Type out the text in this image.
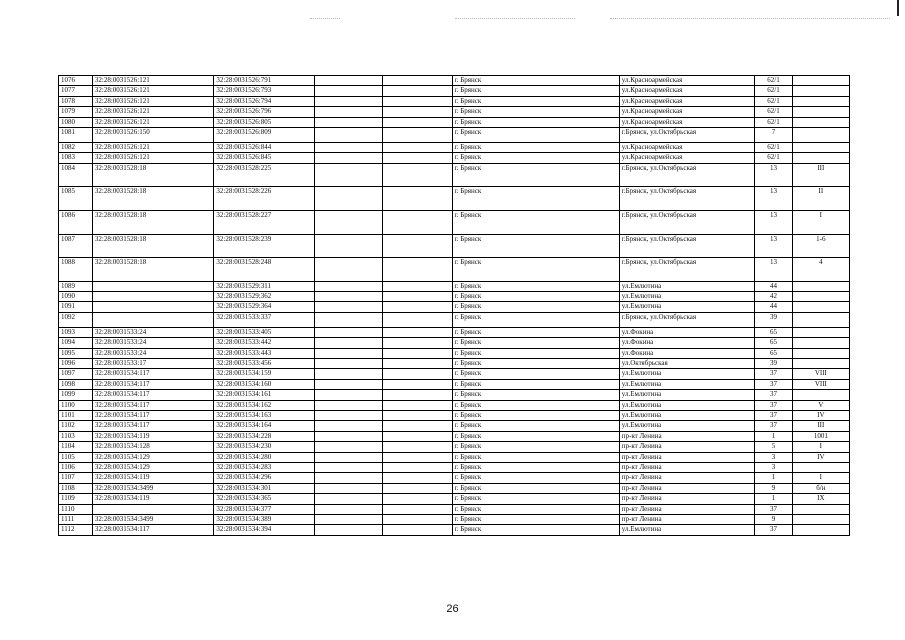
1076	32:28:0031526:121	32:28:0031526:791			г. Брянск	ул.Красноармейская	62/1	
1077	32:28:0031526:121	32:28:0031526:793			г. Брянск	ул.Красноармейская	62/1	
1078	32:28:0031526:121	32:28:0031526:794			г. Брянск	ул.Красноармейская	62/1	
1079	32:28:0031526:121	32:28:0031526:796			г. Брянск	ул.Красноармейская	62/1	
1080	32:28:0031526:121	32:28:0031526:805			г. Брянск	ул.Красноармейская	62/1	
1081	32:28:0031526:150	32:28:0031526:809			г. Брянск	г.Брянск, ул.Октябрьская	7	
1082	32:28:0031526:121	32:28:0031526:844			г. Брянск	ул.Красноармейская	62/1	
1083	32:28:0031526:121	32:28:0031526:845			г. Брянск	ул.Красноармейская	62/1	
1084	32:28:0031528:18	32:28:0031528:225			г. Брянск	г.Брянск, ул.Октябрьская	13	III
1085	32:28:0031528:18	32:28:0031528:226			г. Брянск	г.Брянск, ул.Октябрьская	13	II
1086	32:28:0031528:18	32:28:0031528:227			г. Брянск	г.Брянск, ул.Октябрьская	13	I
1087	32:28:0031528:18	32:28:0031528:239			г. Брянск	г.Брянск, ул.Октябрьская	13	1-6
1088	32:28:0031528:18	32:28:0031528:248			г. Брянск	г.Брянск, ул.Октябрьская	13	4
1089		32:28:0031529:311			г. Брянск	ул.Емлютина	44	
1090		32:28:0031529:362			г. Брянск	ул.Емлютина	42	
1091		32:28:0031529:364			г. Брянск	ул.Емлютина	44	
1092		32:28:0031533:337			г. Брянск	г.Брянск, ул.Октябрьская	39	
1093	32:28:0031533:24	32:28:0031533:405			г. Брянск	ул.Фокина	65	
1094	32:28:0031533:24	32:28:0031533:442			г. Брянск	ул.Фокина	65	
1095	32:28:0031533:24	32:28:0031533:443			г. Брянск	ул.Фокина	65	
1096	32:28:0031533:17	32:28:0031533:456			г. Брянск	ул.Октябрьская	39	
1097	32:28:0031534:117	32:28:0031534:159			г. Брянск	ул.Емлютина	37	VIII
1098	32:28:0031534:117	32:28:0031534:160			г. Брянск	ул.Емлютина	37	VIII
1099	32:28:0031534:117	32:28:0031534:161			г. Брянск	ул.Емлютина	37	
1100	32:28:0031534:117	32:28:0031534:162			г. Брянск	ул.Емлютина	37	V
1101	32:28:0031534:117	32:28:0031534:163			г. Брянск	ул.Емлютина	37	IV
1102	32:28:0031534:117	32:28:0031534:164			г. Брянск	ул.Емлютина	37	III
1103	32:28:0031534:119	32:28:0031534:228			г. Брянск	пр-кт Ленина	1	1001
1104	32:28:0031534:128	32:28:0031534:230			г. Брянск	пр-кт Ленина	5	I
1105	32:28:0031534:129	32:28:0031534:280			г. Брянск	пр-кт Ленина	3	IV
1106	32:28:0031534:129	32:28:0031534:283			г. Брянск	пр-кт Ленина	3	
1107	32:28:0031534:119	32:28:0031534:296			г. Брянск	пр-кт Ленина	1	I
1108	32:28:0031534:3499	32:28:0031534:301			г. Брянск	пр-кт Ленина	9	б/н
1109	32:28:0031534:119	32:28:0031534:365			г. Брянск	пр-кт Ленина	1	IX
1110		32:28:0031534:377			г. Брянск	пр-кт Ленина	37	
1111	32:28:0031534:3499	32:28:0031534:389			г. Брянск	пр-кт Ленина	9	
1112	32:28:0031534:117	32:28:0031534:394			г. Брянск	ул.Емлютина	37	
26
